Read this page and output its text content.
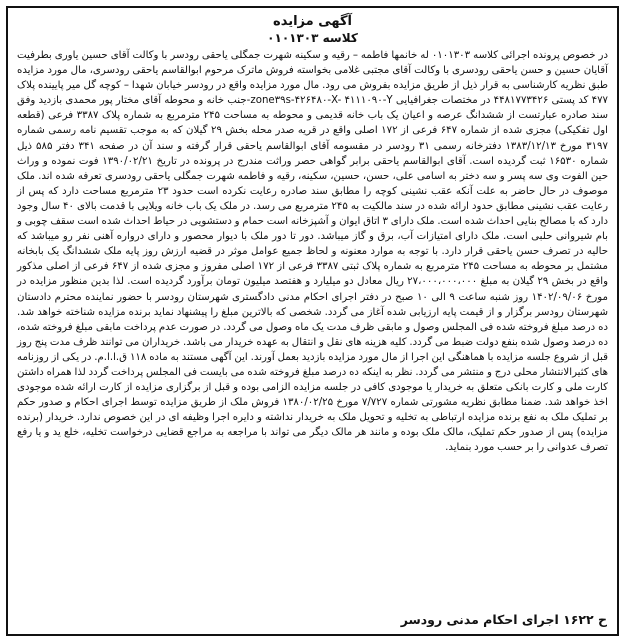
آگهی مزایده

کلاسه ۰۱۰۱۳۰۳

در خصوص پرونده اجرائی کلاسه ۰۱۰۱۳۰۳ له خانمها فاطمه – رقیه و سکینه شهرت جمگلی یاحقی رودسر با وکالت آقای حسین یاوری بطرفیت آقایان حسین و حسن یاحقی رودسری با وکالت آقای مجتبی غلامی بخواسته فروش ماترک مرحوم ابوالقاسم یاحقی رودسری، مال مورد مزایده طبق نظریه کارشناسی به قرار ذیل از طریق مزایده بفروش می رود. مال مورد مزایده واقع در رودسر خیابان شهدا – کوچه گل میر پایینده پلاک ۴۷۷ کد پستی ۴۴۸۱۷۷۳۴۲۶ در مختصات جغرافیایی zone۳۹s-۴۲۶۴۸۰-X- ۴۱۱۱۰۹۰-Y-جنب خانه و محوطه آقای مختار پور محمدی بازدید وفق سند صادره عبارتست از ششدانگ عرصه و اعیان یک باب خانه قدیمی و محوطه به مساحت ۲۴۵ مترمربع به شماره پلاک ۳۳۸۷ فرعی (قطعه اول تفکیکی) مجزی شده از شماره ۶۴۷ فرعی از ۱۷۲ اصلی واقع در قریه صدر محله بخش ۲۹ گیلان که به موجب تقسیم نامه رسمی شماره ۳۱۹۷ مورخ ۱۳۸۳/۱۲/۱۳ دفترخانه رسمی ۳۱ رودسر در مقسومه آقای ابوالقاسم یاحقی قرار گرفته و سند آن در صفحه ۳۴۱ دفتر ۵۸۵ ذیل شماره ۱۶۵۳۰ ثبت گردیده است. آقای ابوالقاسم یاحقی برابر گواهی حصر وراثت مندرج در پرونده در تاریخ ۱۳۹۰/۰۲/۲۱ فوت نموده و وراث حین الفوت وی سه پسر و سه دختر به اسامی علی، حسن، حسین، سکینه، رقیه و فاطمه شهرت جمگلی یاحقی رودسری تعرفه شده اند. ملک موصوف در حال حاضر به علت آنکه عقب نشینی کوچه را مطابق سند صادره رعایت نکرده است حدود ۲۳ مترمربع مساحت دارد که پس از رعایت عقب نشینی مطابق حدود ارائه شده در سند مالکیت به ۲۴۵ مترمربع می رسد. در ملک یک باب خانه ویلایی با قدمت بالای ۴۰ سال وجود دارد که با مصالح بنایی احداث شده است. ملک دارای ۳ اتاق ایوان و آشپزخانه است حمام و دستشویی در حیاط احداث شده است سقف چوبی و بام شیروانی حلبی است. ملک دارای امتیازات آب، برق و گاز میباشد. دور تا دور ملک با دیوار محصور و دارای درواره آهنی نفر رو میباشد که حالیه در تصرف حسن یاحقی قرار دارد. با توجه به موارد معنونه و لحاظ جمیع عوامل موثر در قضیه ارزش روز پایه ملک ششدانگ یک بابخانه مشتمل بر محوطه به مساحت ۲۴۵ مترمربع به شماره پلاک ثبتی ۳۳۸۷ فرعی از ۱۷۲ اصلی مفروز و مجزی شده از ۶۴۷ فرعی از اصلی مذکور واقع در بخش ۲۹ گیلان به مبلغ ۲۷،۰۰۰،۰۰۰،۰۰۰ ریال معادل دو میلیارد و هفتصد میلیون تومان برآورد گردیده است. لذا بدین منظور مزایده در مورخ ۱۴۰۲/۰۹/۰۶ روز شنبه ساعت ۹ الی ۱۰ صبح در دفتر اجرای احکام مدنی دادگستری شهرستان رودسر با حضور نماینده محترم دادستان شهرستان رودسر برگزار و از قیمت پایه ارزیابی شده آغاز می گردد. شخصی که بالاترین مبلغ را پیشنهاد نماید برنده مزایده شناخته خواهد شد. ده درصد مبلغ فروخته شده فی المجلس وصول و مابقی ظرف مدت یک ماه وصول می گردد. در صورت عدم پرداخت مابقی مبلغ فروخته شده، ده درصد وصول شده بنفع دولت ضبط می گردد. کلیه هزینه های نقل و انتقال به عهده خریدار می باشد. خریداران می توانند ظرف مدت پنج روز قبل از شروع جلسه مزایده با هماهنگی این اجرا از مال مورد مزایده بازدید بعمل آورند. این آگهی مستند به ماده ۱۱۸ ق.ا.ا.م. در یکی از روزنامه های کثیرالانتشار محلی درج و منتشر می گردد. نظر به اینکه ده درصد مبلغ فروخته شده می بایست فی المجلس پرداخت گردد لذا همراه داشتن کارت ملی و کارت بانکی متعلق به خریدار یا موجودی کافی در جلسه مزایده الزامی بوده و قبل از برگزاری مزایده از کارت ارائه شده موجودی اخذ خواهد شد. ضمنا مطابق نظریه مشورتی شماره ۷/۷۲۷ مورخ ۱۳۸۰/۰۲/۲۵ فروش ملک از طریق مزایده توسط اجرای احکام و صدور حکم بر تملیک ملک به نفع برنده مزایده ارتباطی به تخلیه و تحویل ملک به خریدار نداشته و دایره اجرا وظیفه ای در این خصوص ندارد. خریدار (برنده مزایده) پس از صدور حکم تملیک، مالک ملک بوده و مانند هر مالک دیگر می تواند با مراجعه به مراجع قضایی درخواست تخلیه، خلع ید و یا رفع تصرف عدوانی را بر حسب مورد بنماید.

ح ۱۶۲۲ اجرای احکام مدنی رودسر
